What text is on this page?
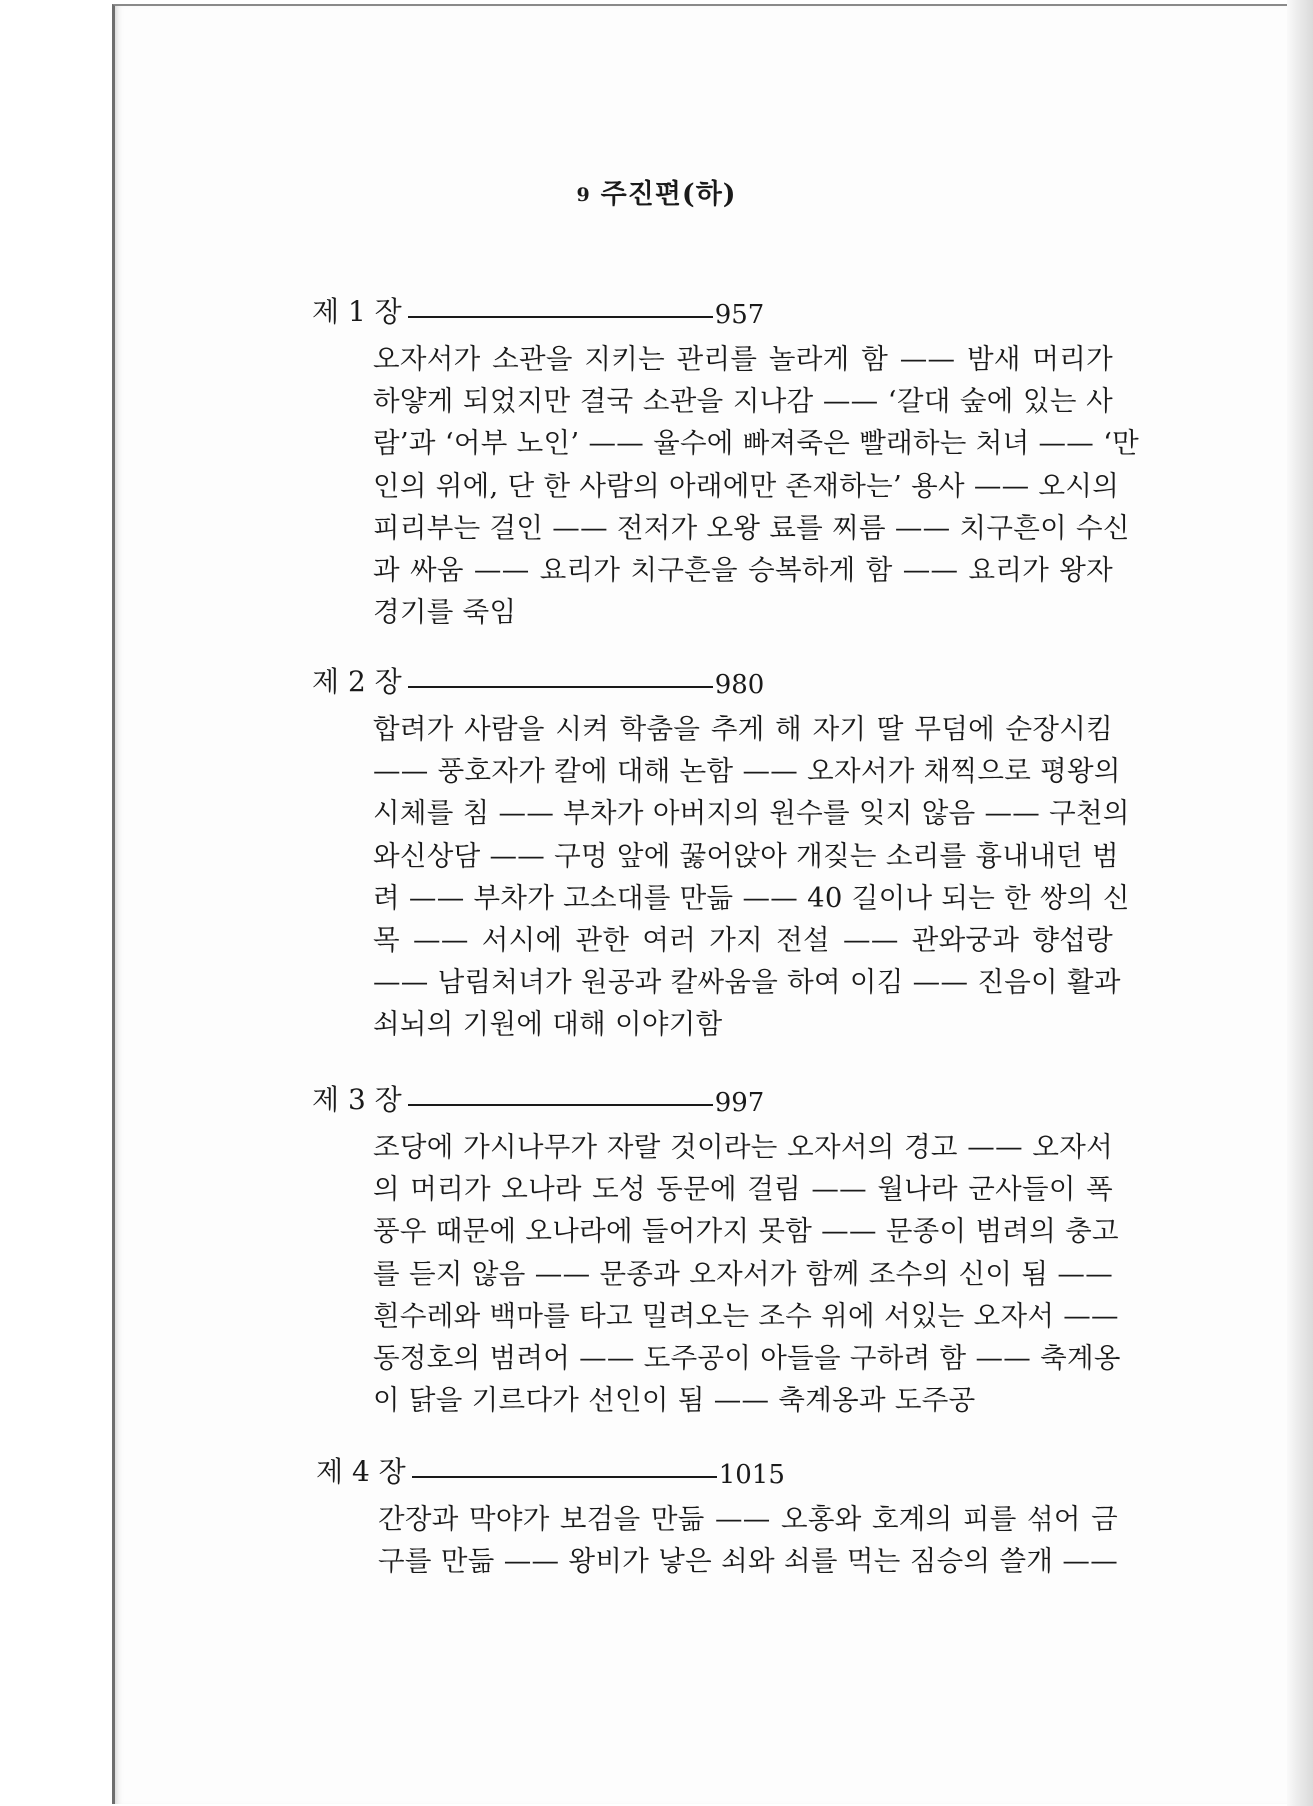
9 주진편(하)
제 1 장	957
오자서가 소관을 지키는 관리를 놀라게 함 —— 밤새 머리가
하얗게 되었지만 결국 소관을 지나감 —— ‘갈대 숲에 있는 사
람’과 ‘어부 노인’ —— 율수에 빠져죽은 빨래하는 처녀 —— ‘만
인의 위에, 단 한 사람의 아래에만 존재하는’ 용사 —— 오시의
피리부는 걸인 —— 전저가 오왕 료를 찌름 —— 치구흔이 수신
과 싸움 —— 요리가 치구흔을 승복하게 함 —— 요리가 왕자
경기를 죽임
제 2 장	980
합려가 사람을 시켜 학춤을 추게 해 자기 딸 무덤에 순장시킴
—— 풍호자가 칼에 대해 논함 —— 오자서가 채찍으로 평왕의
시체를 침 —— 부차가 아버지의 원수를 잊지 않음 —— 구천의
와신상담 —— 구멍 앞에 꿇어앉아 개짖는 소리를 흉내내던 범
려 —— 부차가 고소대를 만듦 —— 40 길이나 되는 한 쌍의 신
목 —— 서시에 관한 여러 가지 전설 —— 관와궁과 향섭랑
—— 남림처녀가 원공과 칼싸움을 하여 이김 —— 진음이 활과
쇠뇌의 기원에 대해 이야기함
제 3 장	997
조당에 가시나무가 자랄 것이라는 오자서의 경고 —— 오자서
의 머리가 오나라 도성 동문에 걸림 —— 월나라 군사들이 폭
풍우 때문에 오나라에 들어가지 못함 —— 문종이 범려의 충고
를 듣지 않음 —— 문종과 오자서가 함께 조수의 신이 됨 ——
흰수레와 백마를 타고 밀려오는 조수 위에 서있는 오자서 ——
동정호의 범려어 —— 도주공이 아들을 구하려 함 —— 축계옹
이 닭을 기르다가 선인이 됨 —— 축계옹과 도주공
제 4 장	1015
간장과 막야가 보검을 만듦 —— 오홍와 호계의 피를 섞어 금
구를 만듦 —— 왕비가 낳은 쇠와 쇠를 먹는 짐승의 쓸개 ——
